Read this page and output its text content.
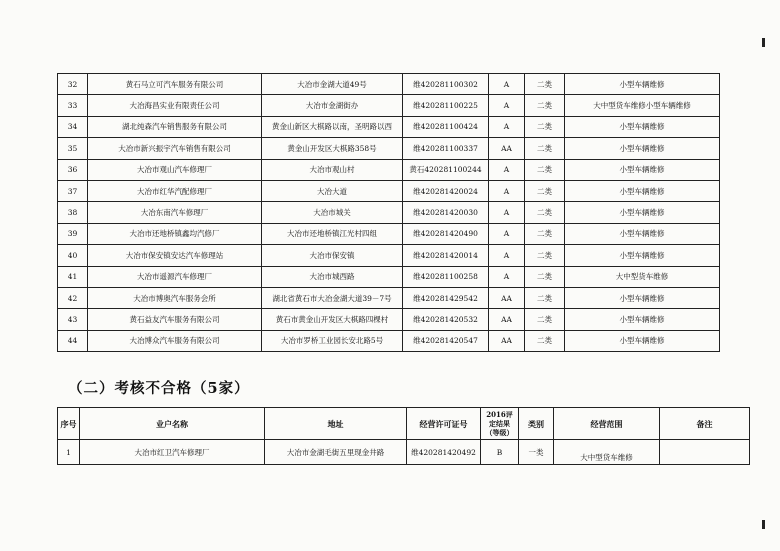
32	黄石马立可汽车服务有限公司	大冶市金湖大道49号	维420281100302	A	二类	小型车辆维修
33	大冶海昌实业有限责任公司	大冶市金湖街办	维420281100225	A	二类	大中型货车维修小型车辆维修
34	湖北纯森汽车销售服务有限公司	黄金山新区大棋路以南，圣明路以西	维420281100424	A	二类	小型车辆维修
35	大冶市新兴振宇汽车销售有限公司	黄金山开发区大棋路358号	维420281100337	AA	二类	小型车辆维修
36	大冶市观山汽车修理厂	大冶市观山村	黄石420281100244	A	二类	小型车辆维修
37	大冶市红华汽配修理厂	大冶大道	维420281420024	A	二类	小型车辆维修
38	大冶东南汽车修理厂	大冶市城关	维420281420030	A	二类	小型车辆维修
39	大冶市还地桥镇鑫均汽修厂	大冶市还地桥镇江光村四组	维420281420490	A	二类	小型车辆维修
40	大冶市保安镇安达汽车修理站	大冶市保安镇	维420281420014	A	二类	小型车辆维修
41	大冶市遥源汽车修理厂	大冶市城西路	维420281100258	A	二类	大中型货车维修
42	大冶市博奥汽车服务会所	湖北省黄石市大冶金湖大道39－7号	维420281429542	AA	二类	小型车辆维修
43	黄石益友汽车服务有限公司	黄石市黄金山开发区大棋路四棵村	维420281420532	AA	二类	小型车辆维修
44	大冶博众汽车服务有限公司	大冶市罗桥工业园长安北路5号	维420281420547	AA	二类	小型车辆维修
（二）考核不合格（5家）
序号	业户名称	地址	经营许可证号	2016评定结果（等级）	类别	经营范围	备注
1	大冶市红卫汽车修理厂	大冶市金湖毛街五里现金井路	维420281420492	B	一类	大中型货车维修	
